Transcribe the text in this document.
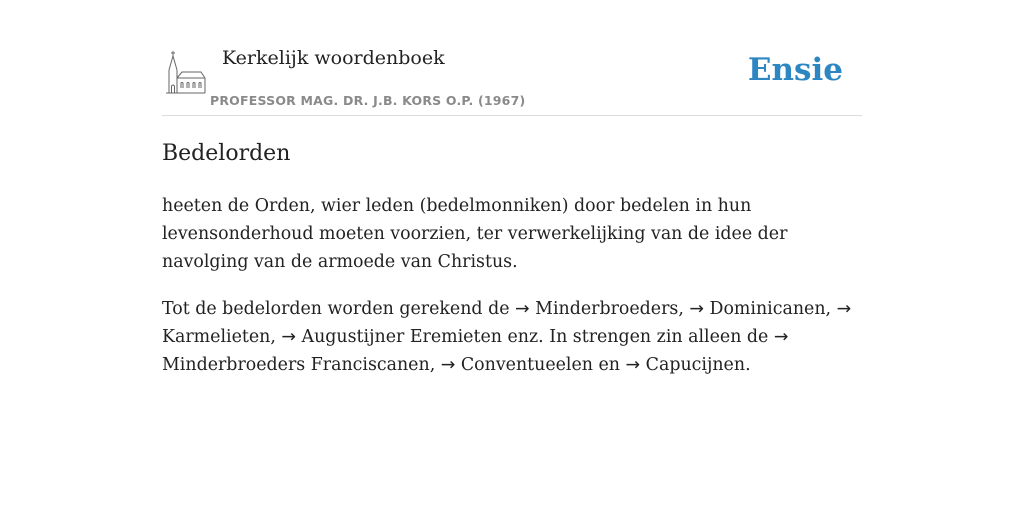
Kerkelijk woordenboek
PROFESSOR MAG. DR. J.B. KORS O.P. (1967)
Ensie
Bedelorden

heeten de Orden, wier leden (bedelmonniken) door bedelen in hun levensonderhoud moeten voorzien, ter verwerkelijking van de idee der navolging van de armoede van Christus.

Tot de bedelorden worden gerekend de → Minderbroeders, → Dominicanen, → Karmelieten, → Augustijner Eremieten enz. In strengen zin alleen de → Minderbroeders Franciscanen, → Conventueelen en → Capucijnen.
